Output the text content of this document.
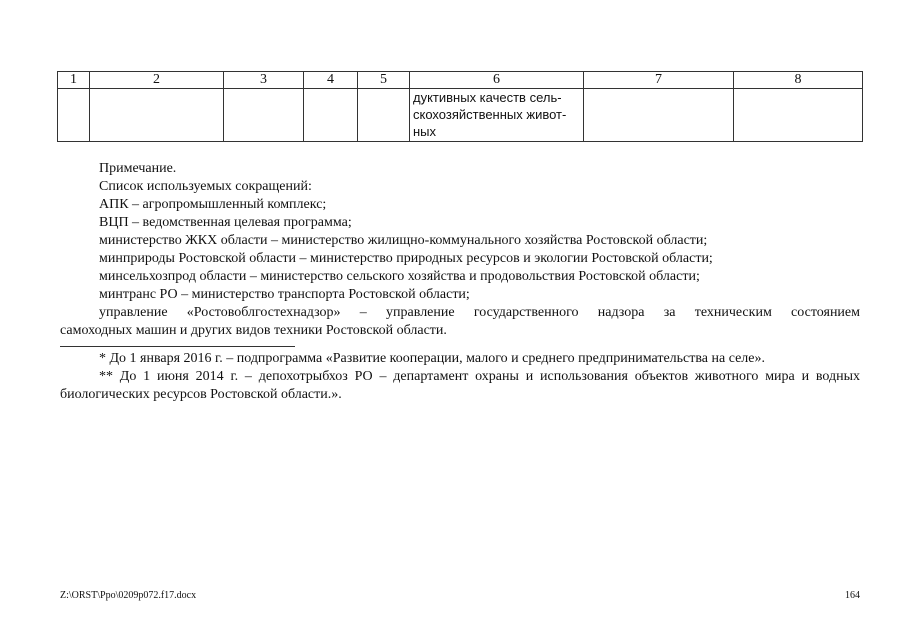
1	2	3	4	5	6	7	8

					дуктивных качеств сель-
скохозяйственных живот-
ных		

Примечание.
Список используемых сокращений:
АПК – агропромышленный комплекс;
ВЦП – ведомственная целевая программа;
министерство ЖКХ области – министерство жилищно-коммунального хозяйства Ростовской области;
минприроды Ростовской области – министерство природных ресурсов и экологии Ростовской области;
минсельхозпрод области – министерство сельского хозяйства и продовольствия Ростовской области;
минтранс РО – министерство транспорта Ростовской области;
управление «Ростовоблгостехнадзор» – управление государственного надзора за техническим состоянием
самоходных машин и других видов техники Ростовской области.
* До 1 января 2016 г. – подпрограмма «Развитие кооперации, малого и среднего предпринимательства на селе».
** До 1 июня 2014 г. – депохотрыбхоз РО – департамент охраны и использования объектов животного мира и водных
биологических ресурсов Ростовской области.».
Z:\ORST\Ppo\0209p072.f17.docx	164
